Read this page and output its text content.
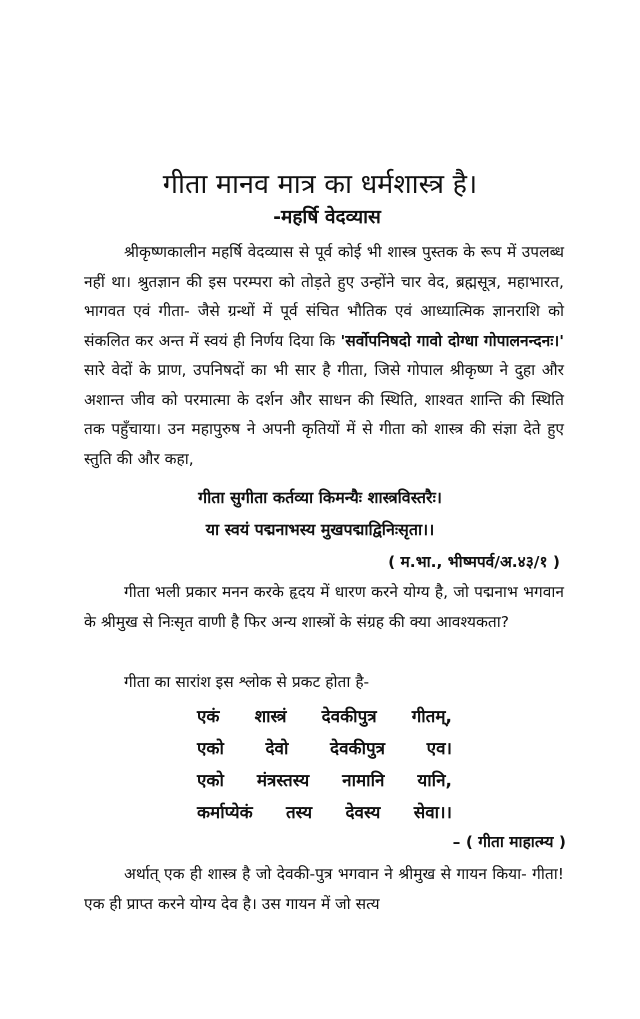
गीता मानव मात्र का धर्मशास्त्र है।
-महर्षि वेदव्यास

श्रीकृष्णकालीन महर्षि वेदव्यास से पूर्व कोई भी शास्त्र पुस्तक के रूप में उपलब्ध नहीं था। श्रुतज्ञान की इस परम्परा को तोड़ते हुए उन्होंने चार वेद, ब्रह्मसूत्र, महाभारत, भागवत एवं गीता- जैसे ग्रन्थों में पूर्व संचित भौतिक एवं आध्यात्मिक ज्ञानराशि को संकलित कर अन्त में स्वयं ही निर्णय दिया कि 'सर्वोपनिषदो गावो दोग्धा गोपालनन्दनः।' सारे वेदों के प्राण, उपनिषदों का भी सार है गीता, जिसे गोपाल श्रीकृष्ण ने दुहा और अशान्त जीव को परमात्मा के दर्शन और साधन की स्थिति, शाश्वत शान्ति की स्थिति तक पहुँचाया। उन महापुरुष ने अपनी कृतियों में से गीता को शास्त्र की संज्ञा देते हुए स्तुति की और कहा,

गीता सुगीता कर्तव्या किमन्यैः शास्त्रविस्तरैः।
या स्वयं पद्मनाभस्य मुखपद्माद्विनिःसृता।।
( म.भा., भीष्मपर्व/अ.४३/१ )

गीता भली प्रकार मनन करके हृदय में धारण करने योग्य है, जो पद्मनाभ भगवान के श्रीमुख से निःसृत वाणी है फिर अन्य शास्त्रों के संग्रह की क्या आवश्यकता?

गीता का सारांश इस श्लोक से प्रकट होता है-

एकं शास्त्रं देवकीपुत्र गीतम्,
एको देवो देवकीपुत्र एव।
एको मंत्रस्तस्य नामानि यानि,
कर्माप्येकं तस्य देवस्य सेवा।।
– ( गीता माहात्म्य )

अर्थात् एक ही शास्त्र है जो देवकी-पुत्र भगवान ने श्रीमुख से गायन किया- गीता! एक ही प्राप्त करने योग्य देव है। उस गायन में जो सत्य
